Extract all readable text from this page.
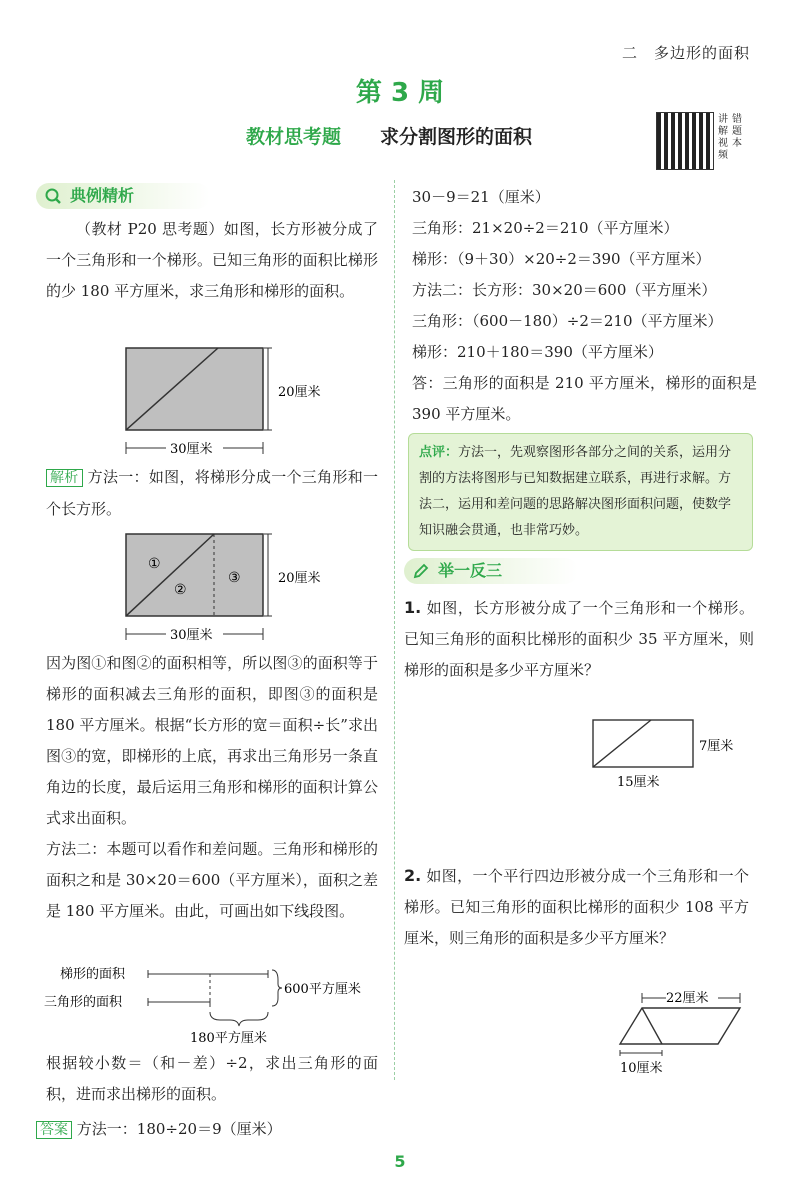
二　多边形的面积
第 3 周
教材思考题 求分割图形的面积
讲解视频错题本
典例精析
（教材 P20 思考题）如图，长方形被分成了一个三角形和一个梯形。已知三角形的面积比梯形的少 180 平方厘米，求三角形和梯形的面积。
20厘米
30厘米
解析 方法一：如图，将梯形分成一个三角形和一个长方形。
①
②
③	20厘米
30厘米
因为图①和图②的面积相等，所以图③的面积等于梯形的面积减去三角形的面积，即图③的面积是 180 平方厘米。根据“长方形的宽＝面积÷长”求出图③的宽，即梯形的上底，再求出三角形另一条直角边的长度，最后运用三角形和梯形的面积计算公式求出面积。
方法二：本题可以看作和差问题。三角形和梯形的面积之和是 30×20＝600（平方厘米），面积之差是 180 平方厘米。由此，可画出如下线段图。
梯形的面积
三角形的面积
600平方厘米
180平方厘米
根据较小数＝（和－差）÷2，求出三角形的面积，进而求出梯形的面积。
答案 方法一：180÷20＝9（厘米）
30－9＝21（厘米）
三角形：21×20÷2＝210（平方厘米）
梯形：（9＋30）×20÷2＝390（平方厘米）
方法二：长方形：30×20＝600（平方厘米）
三角形：（600－180）÷2＝210（平方厘米）
梯形：210＋180＝390（平方厘米）
答：三角形的面积是 210 平方厘米，梯形的面积是 390 平方厘米。
点评：方法一，先观察图形各部分之间的关系，运用分割的方法将图形与已知数据建立联系，再进行求解。方法二，运用和差问题的思路解决图形面积问题，使数学知识融会贯通，也非常巧妙。
举一反三
1. 如图，长方形被分成了一个三角形和一个梯形。已知三角形的面积比梯形的面积少 35 平方厘米，则梯形的面积是多少平方厘米？
7厘米
15厘米
2. 如图，一个平行四边形被分成一个三角形和一个梯形。已知三角形的面积比梯形的面积少 108 平方厘米，则三角形的面积是多少平方厘米？
22厘米
10厘米
5
